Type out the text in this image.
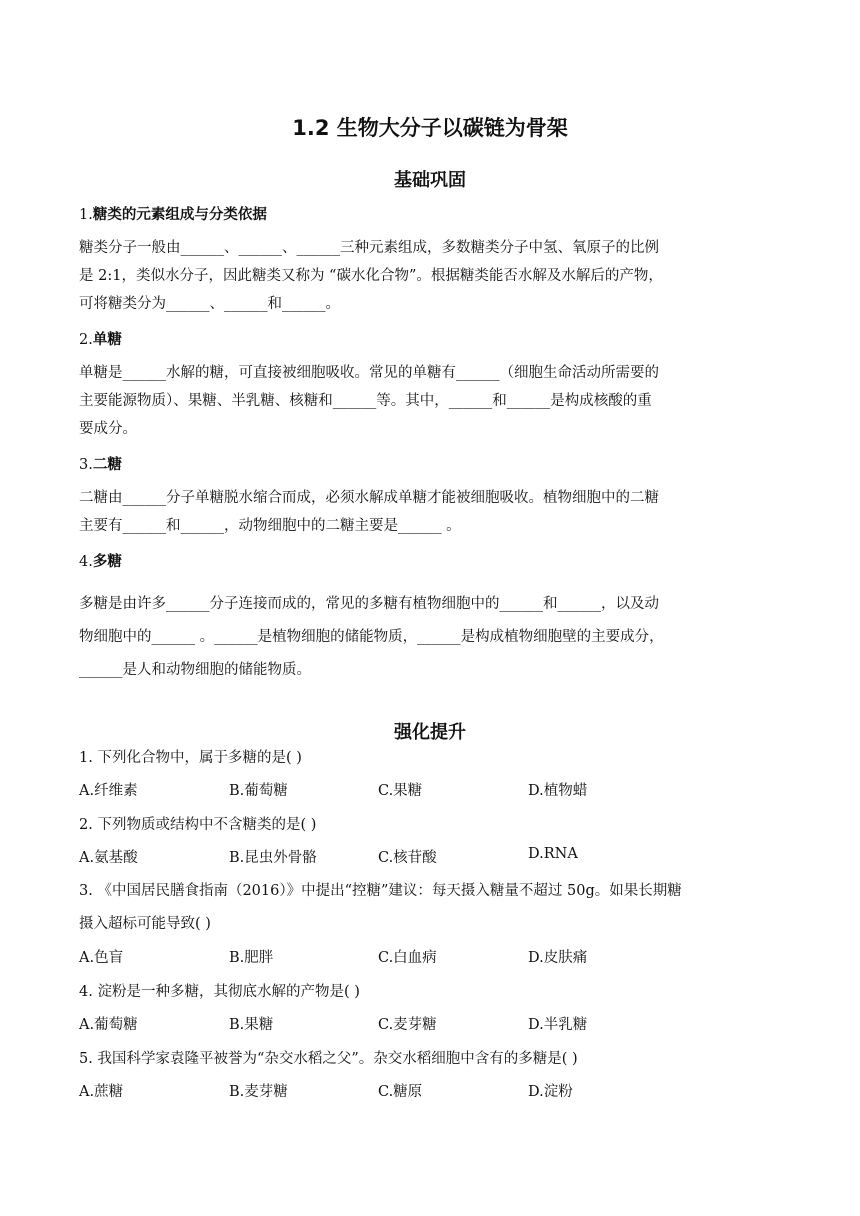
1.2 生物大分子以碳链为骨架
基础巩固
1.糖类的元素组成与分类依据
糖类分子一般由______、______、______三种元素组成，多数糖类分子中氢、氧原子的比例
是 2:1，类似水分子，因此糖类又称为 “碳水化合物”。根据糖类能否水解及水解后的产物，
可将糖类分为______、______和______。
2.单糖
单糖是______水解的糖，可直接被细胞吸收。常见的单糖有______（细胞生命活动所需要的
主要能源物质）、果糖、半乳糖、核糖和______等。其中，______和______是构成核酸的重
要成分。
3.二糖
二糖由______分子单糖脱水缩合而成，必须水解成单糖才能被细胞吸收。植物细胞中的二糖
主要有______和______，动物细胞中的二糖主要是______ 。
4.多糖
多糖是由许多______分子连接而成的，常见的多糖有植物细胞中的______和______，以及动
物细胞中的______ 。______是植物细胞的储能物质，______是构成植物细胞壁的主要成分，
______是人和动物细胞的储能物质。
强化提升
1. 下列化合物中，属于多糖的是( )
A.纤维素	B.葡萄糖	C.果糖	D.植物蜡
2. 下列物质或结构中不含糖类的是( )
A.氨基酸	B.昆虫外骨骼	C.核苷酸	D.RNA
3. 《中国居民膳食指南（2016）》中提出“控糖”建议：每天摄入糖量不超过 50g。如果长期糖
摄入超标可能导致( )
A.色盲	B.肥胖	C.白血病	D.皮肤痛
4. 淀粉是一种多糖，其彻底水解的产物是( )
A.葡萄糖	B.果糖	C.麦芽糖	D.半乳糖
5. 我国科学家袁隆平被誉为“杂交水稻之父”。杂交水稻细胞中含有的多糖是( )
A.蔗糖	B.麦芽糖	C.糖原	D.淀粉
